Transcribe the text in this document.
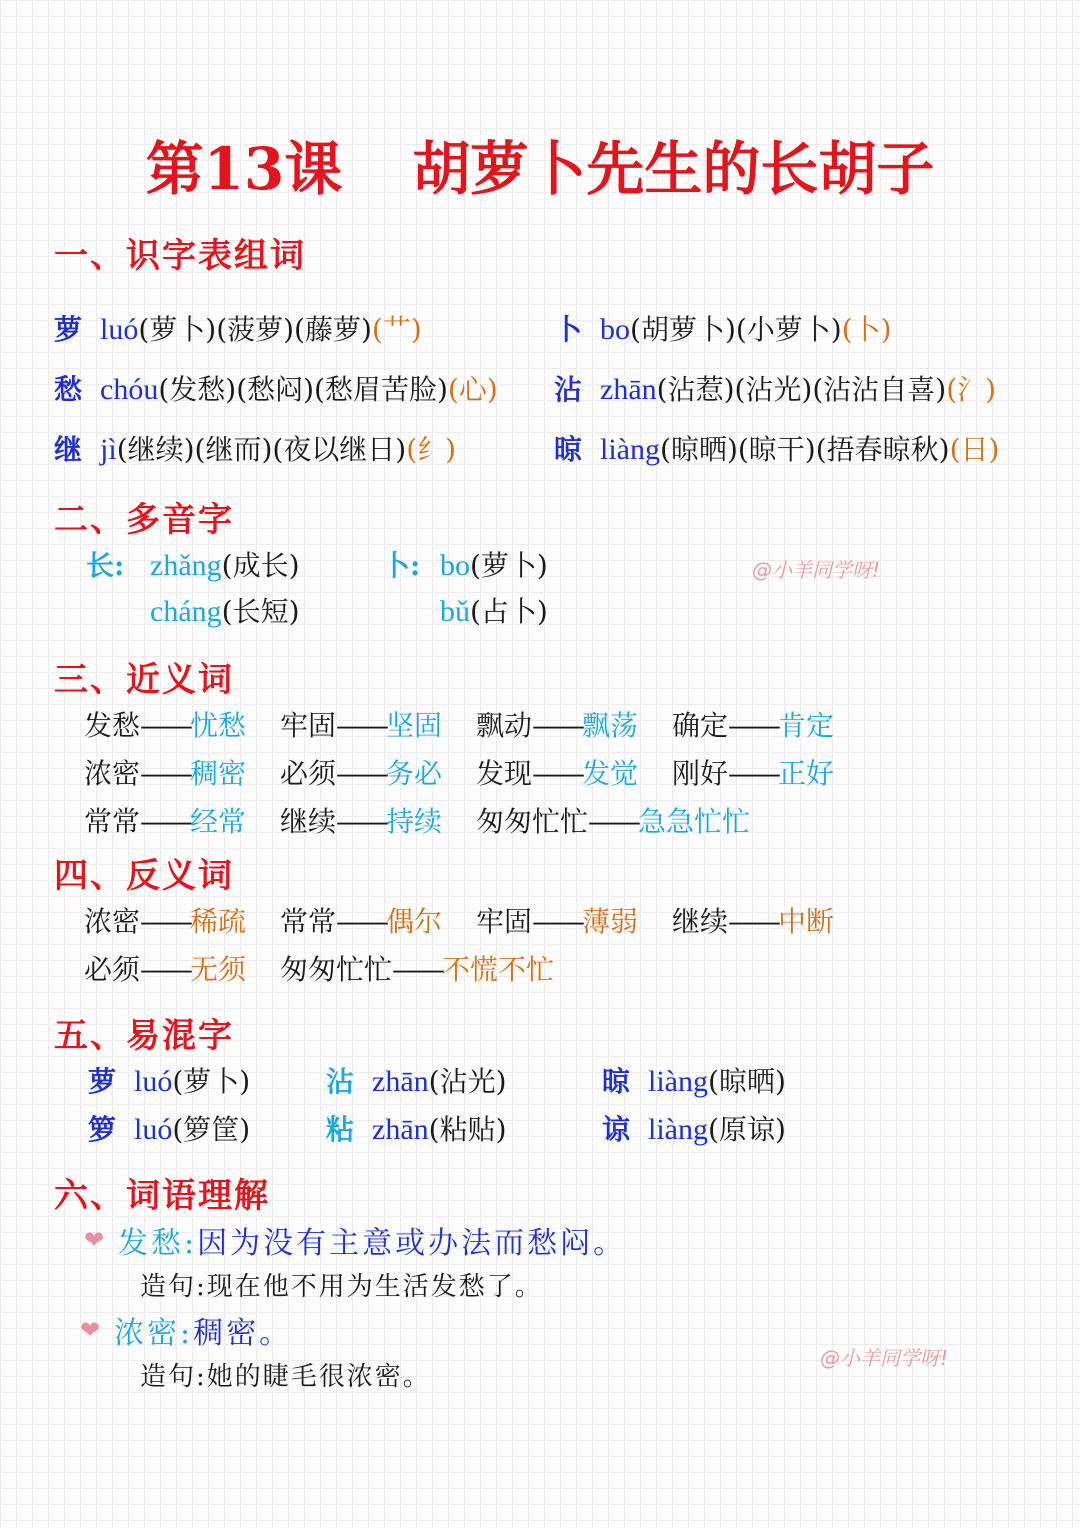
第13课 胡萝卜先生的长胡子
一、识字表组词
萝 luó(萝卜)(菠萝)(藤萝)(艹)	卜 bo(胡萝卜)(小萝卜)(卜)
愁 chóu(发愁)(愁闷)(愁眉苦脸)(心) 沾 zhān(沾惹)(沾光)(沾沾自喜)(氵)
继 jì(继续)(继而)(夜以继日)(纟)	晾 liàng(晾晒)(晾干)(捂春晾秋)(日)
二、多音字
长: zhǎng(成长)
cháng(长短)
卜: bo(萝卜)
bǔ(占卜)
@小羊同学呀!
三、近义词
发愁——忧愁 牢固——坚固 飘动——飘荡 确定——肯定
浓密——稠密 必须——务必 发现——发觉 刚好——正好
常常——经常 继续——持续 匆匆忙忙——急急忙忙
四、反义词
浓密——稀疏 常常——偶尔 牢固——薄弱 继续——中断
必须——无须 匆匆忙忙——不慌不忙
五、易混字
萝 luó(萝卜)	沾 zhān(沾光)	晾 liàng(晾晒)
箩 luó(箩筐)	粘 zhān(粘贴)	谅 liàng(原谅)
六、词语理解
❤ 发愁:因为没有主意或办法而愁闷。
造句:现在他不用为生活发愁了。
❤ 浓密:稠密。
造句:她的睫毛很浓密。
@小羊同学呀!
